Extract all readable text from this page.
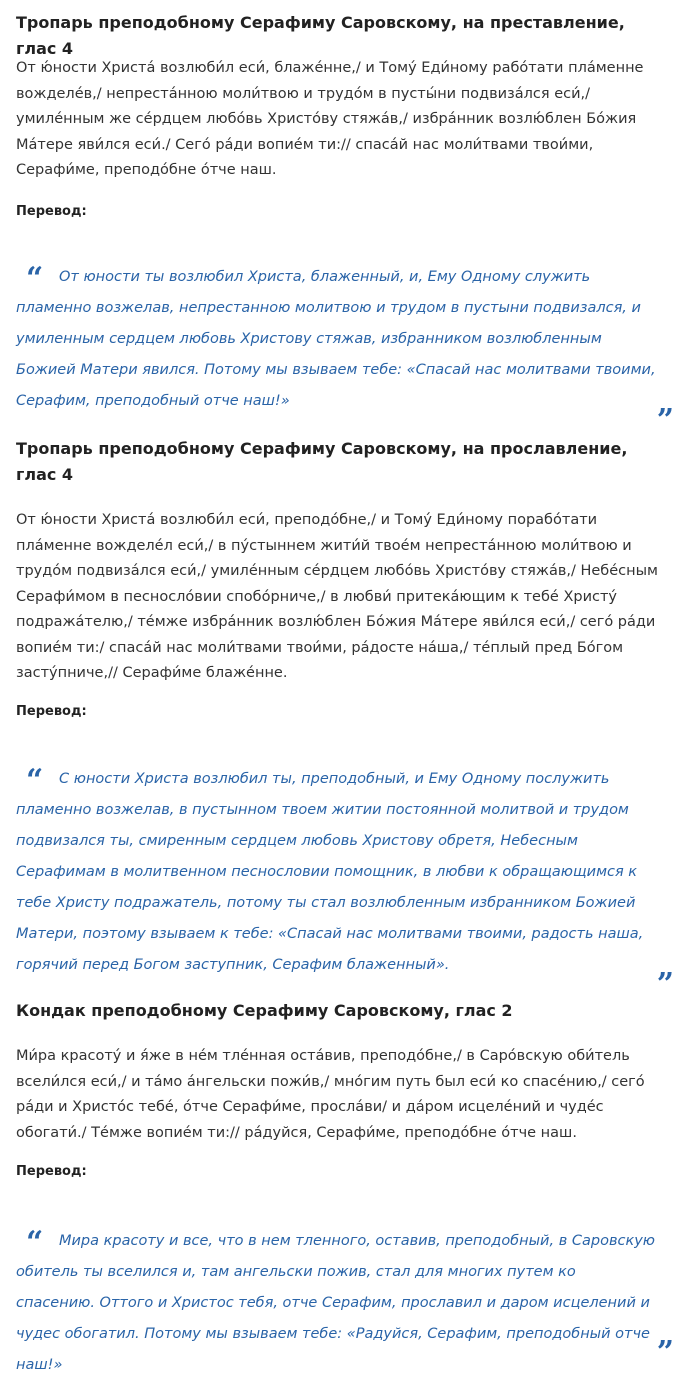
Тропарь преподобному Серафиму Саровскому, на преставление, глас 4

От ю́ности Христа́ возлюби́л еси́, блаже́нне,/ и Тому́ Еди́ному рабо́тати пла́менне вожделе́в,/ непреста́нною моли́твою и трудо́м в пусты́ни подвиза́лся еси́,/ умиле́нным же се́рдцем любо́вь Христо́ву стяжа́в,/ избра́нник возлю́блен Бо́жия Ма́тере яви́лся еси́./ Сего́ ра́ди вопие́м ти:// спаса́й нас моли́твами твои́ми, Серафи́ме, преподо́бне о́тче наш.

Перевод:
“	От юности ты возлюбил Христа, блаженный, и, Ему Одному служить пламенно возжелав, непрестанною молитвою и трудом в пустыни подвизался, и умиленным сердцем любовь Христову стяжав, избранником возлюбленным Божией Матери явился. Потому мы взываем тебе: «Спасай нас молитвами твоими, Серафим, преподобный отче наш!»

”
Тропарь преподобному Серафиму Саровскому, на прославление, глас 4

От ю́ности Христа́ возлюби́л еси́, преподо́бне,/ и Тому́ Еди́ному порабо́тати пла́менне вожделе́л еси́,/ в пу́стыннем жити́й твое́м непреста́нною моли́твою и трудо́м подвиза́лся еси́,/ умиле́нным се́рдцем любо́вь Христо́ву стяжа́в,/ Небе́сным Серафи́мом в песносло́вии спобо́рниче,/ в любви́ притека́ющим к тебе́ Христу́ подража́телю,/ те́мже избра́нник возлю́блен Бо́жия Ма́тере яви́лся еси́,/ сего́ ра́ди вопие́м ти:/ спаса́й нас моли́твами твои́ми, ра́досте на́ша,/ те́плый пред Бо́гом засту́пниче,// Серафи́ме блаже́нне.

Перевод:
“	С юности Христа возлюбил ты, преподобный, и Ему Одному послужить пламенно возжелав, в пустынном твоем житии постоянной молитвой и трудом подвизался ты, смиренным сердцем любовь Христову обретя, Небесным Серафимам в молитвенном песнословии помощник, в любви к обращающимся к тебе Христу подражатель, потому ты стал возлюбленным избранником Божией Матери, поэтому взываем к тебе: «Спасай нас молитвами твоими, радость наша, горячий перед Богом заступник, Серафим блаженный».

”
Кондак преподобному Серафиму Саровскому, глас 2

Ми́ра красоту́ и я́же в не́м тле́нная оста́вив, преподо́бне,/ в Саро́вскую оби́тель всели́лся еси́,/ и та́мо а́нгельски пожи́в,/ мно́гим путь был еси́ ко спасе́нию,/ сего́ ра́ди и Христо́с тебе́, о́тче Серафи́ме, просла́ви/ и да́ром исцеле́ний и чуде́с обогати́./ Те́мже вопие́м ти:// ра́дуйся, Серафи́ме, преподо́бне о́тче наш.

Перевод:
“	Мира красоту и все, что в нем тленного, оставив, преподобный, в Саровскую обитель ты вселился и, там ангельски пожив, стал для многих путем ко спасению. Оттого и Христос тебя, отче Серафим, прославил и даром исцелений и чудес обогатил. Потому мы взываем тебе: «Радуйся, Серафим, преподобный отче наш!»	”
